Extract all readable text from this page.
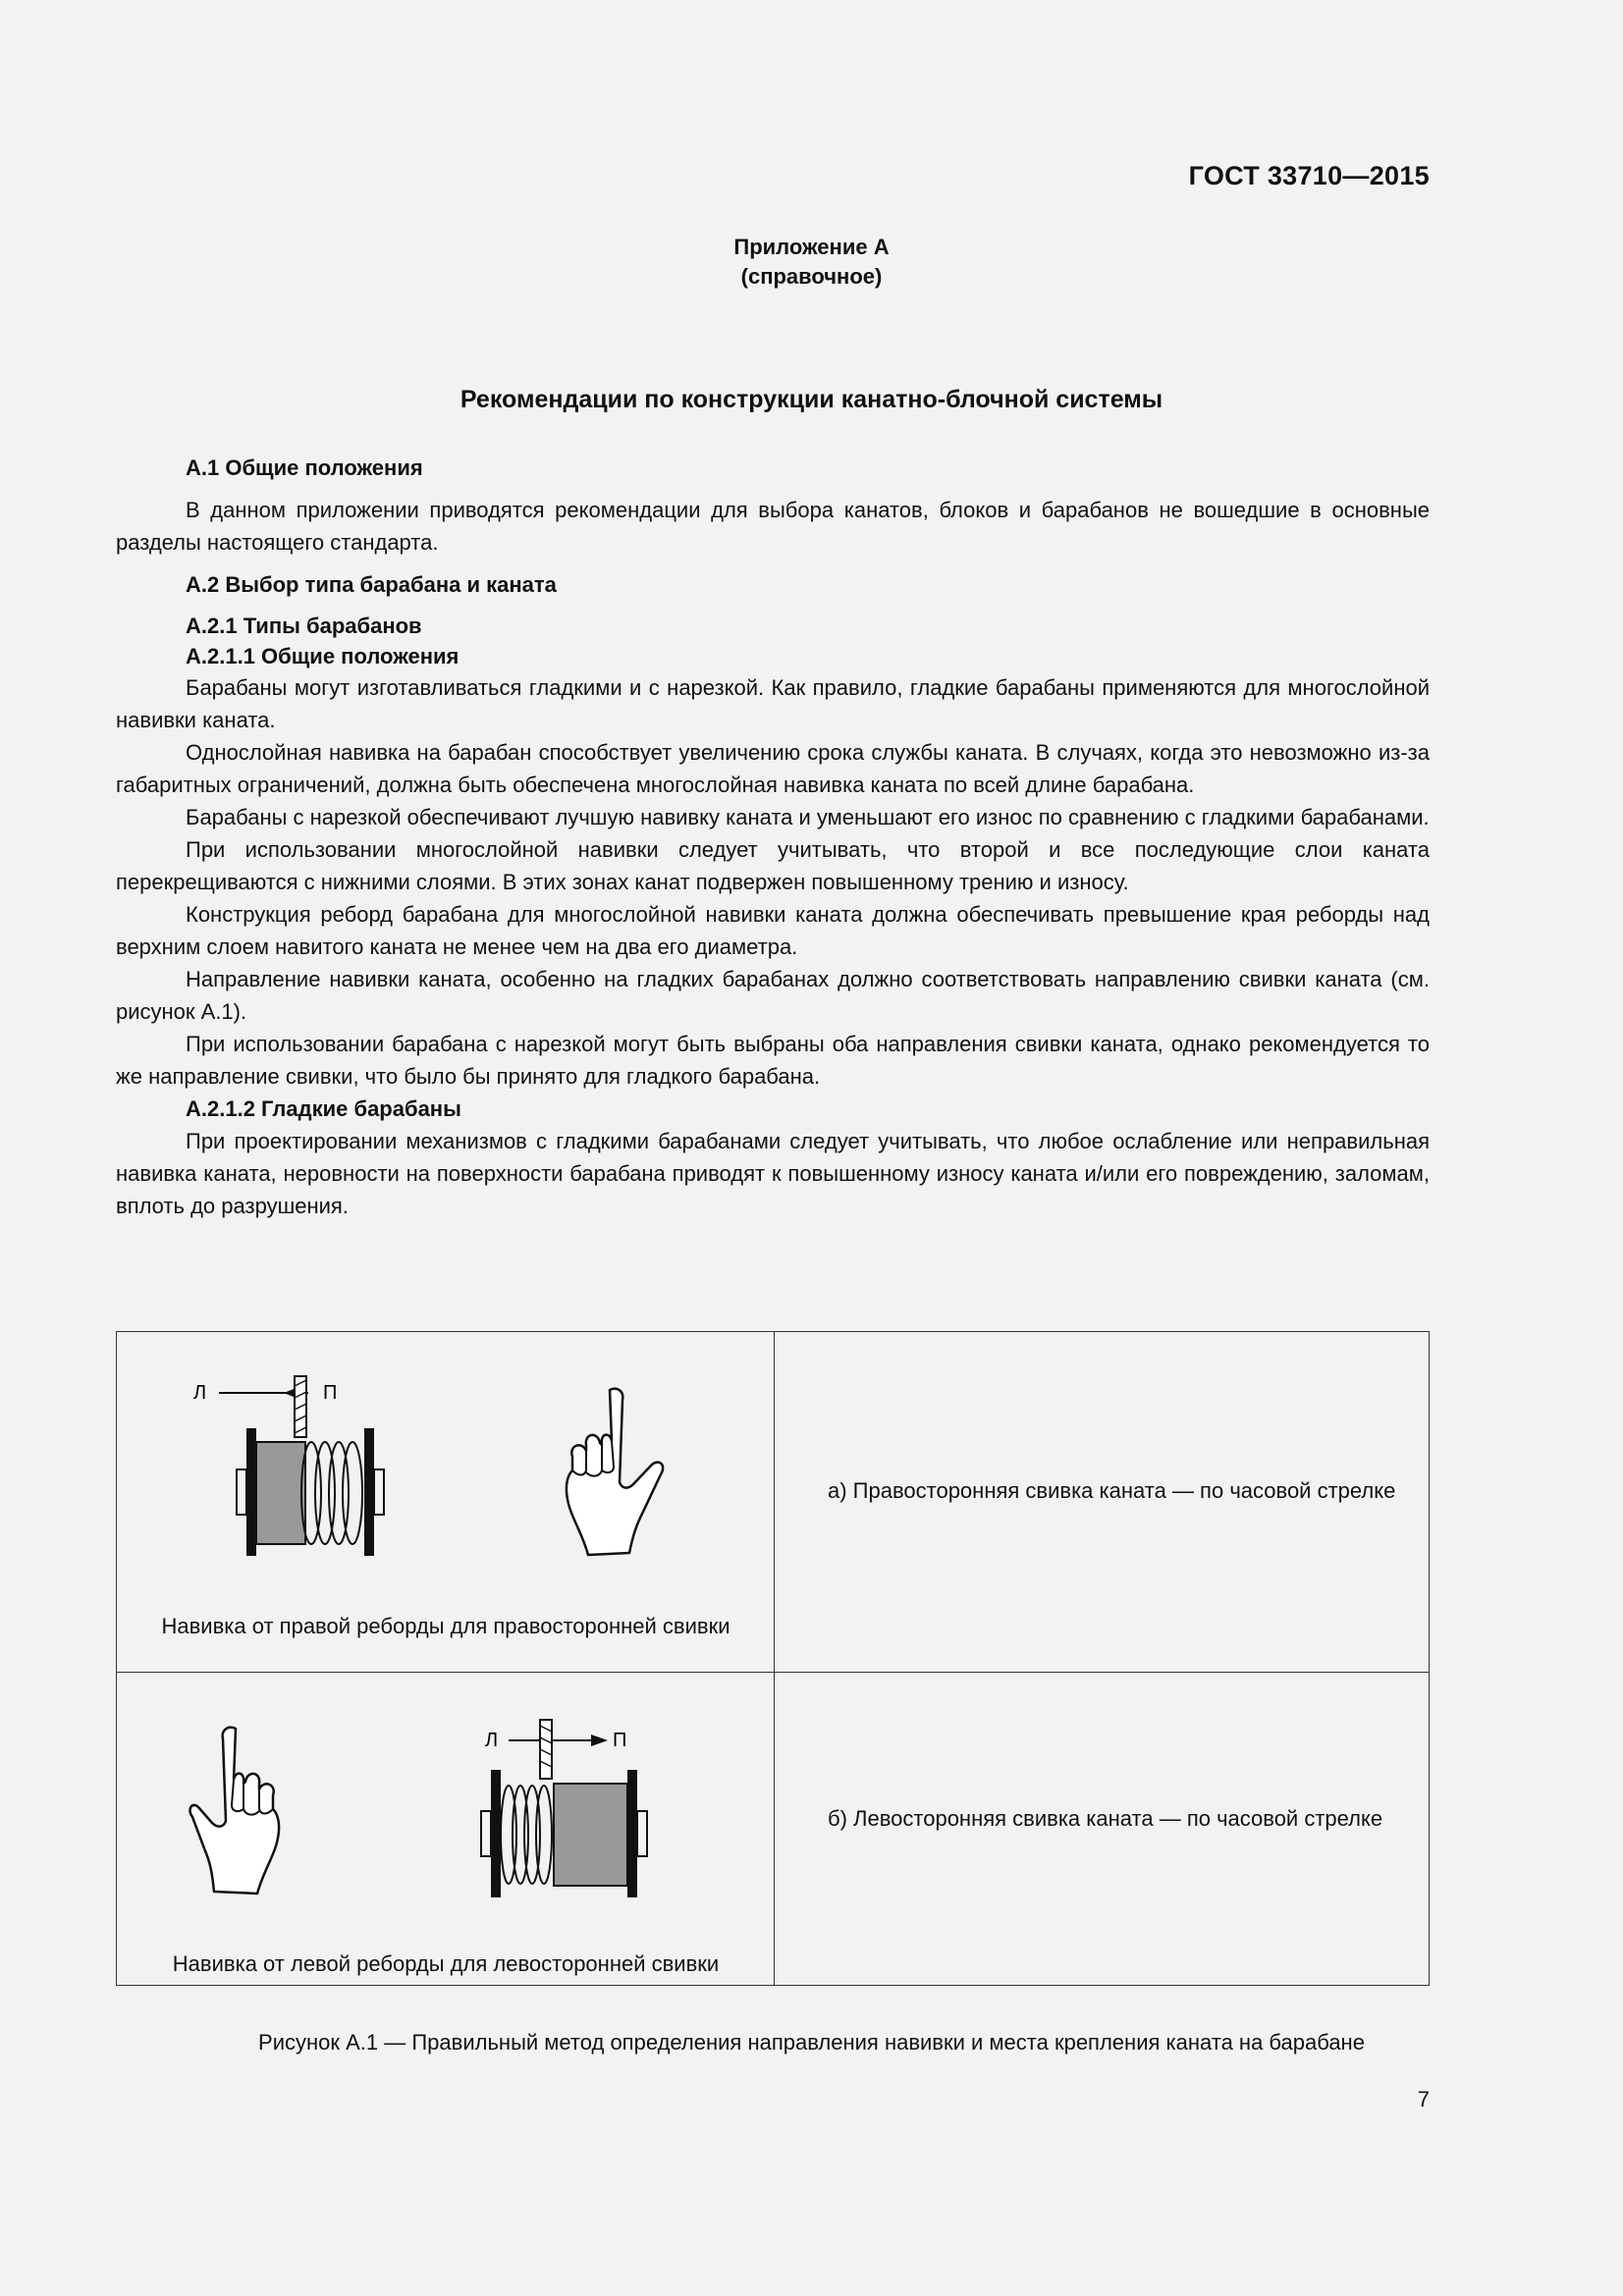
ГОСТ 33710—2015
Приложение А
(справочное)
Рекомендации по конструкции канатно-блочной системы
А.1 Общие положения
В данном приложении приводятся рекомендации для выбора канатов, блоков и барабанов не вошедшие в основные разделы настоящего стандарта.
А.2 Выбор типа барабана и каната
А.2.1 Типы барабанов
А.2.1.1 Общие положения
Барабаны могут изготавливаться гладкими и с нарезкой. Как правило, гладкие барабаны применяются для многослойной навивки каната.
Однослойная навивка на барабан способствует увеличению срока службы каната. В случаях, когда это невозможно из-за габаритных ограничений, должна быть обеспечена многослойная навивка каната по всей длине барабана.
Барабаны с нарезкой обеспечивают лучшую навивку каната и уменьшают его износ по сравнению с гладкими барабанами.
При использовании многослойной навивки следует учитывать, что второй и все последующие слои каната перекрещиваются с нижними слоями. В этих зонах канат подвержен повышенному трению и износу.
Конструкция реборд барабана для многослойной навивки каната должна обеспечивать превышение края реборды над верхним слоем навитого каната не менее чем на два его диаметра.
Направление навивки каната, особенно на гладких барабанах должно соответствовать направлению свивки каната (см. рисунок А.1).
При использовании барабана с нарезкой могут быть выбраны оба направления свивки каната, однако рекомендуется то же направление свивки, что было бы принято для гладкого барабана.
А.2.1.2 Гладкие барабаны
При проектировании механизмов с гладкими барабанами следует учитывать, что любое ослабление или неправильная навивка каната, неровности на поверхности барабана приводят к повышенному износу каната и/или его повреждению, заломам, вплоть до разрушения.
Л	П
Навивка от правой реборды для правосторонней свивки
а) Правосторонняя свивка каната — по часовой стрелке
Л	П
Навивка от левой реборды для левосторонней свивки
б) Левосторонняя свивка каната — по часовой стрелке
Рисунок А.1 — Правильный метод определения направления навивки и места крепления каната на барабане
7
